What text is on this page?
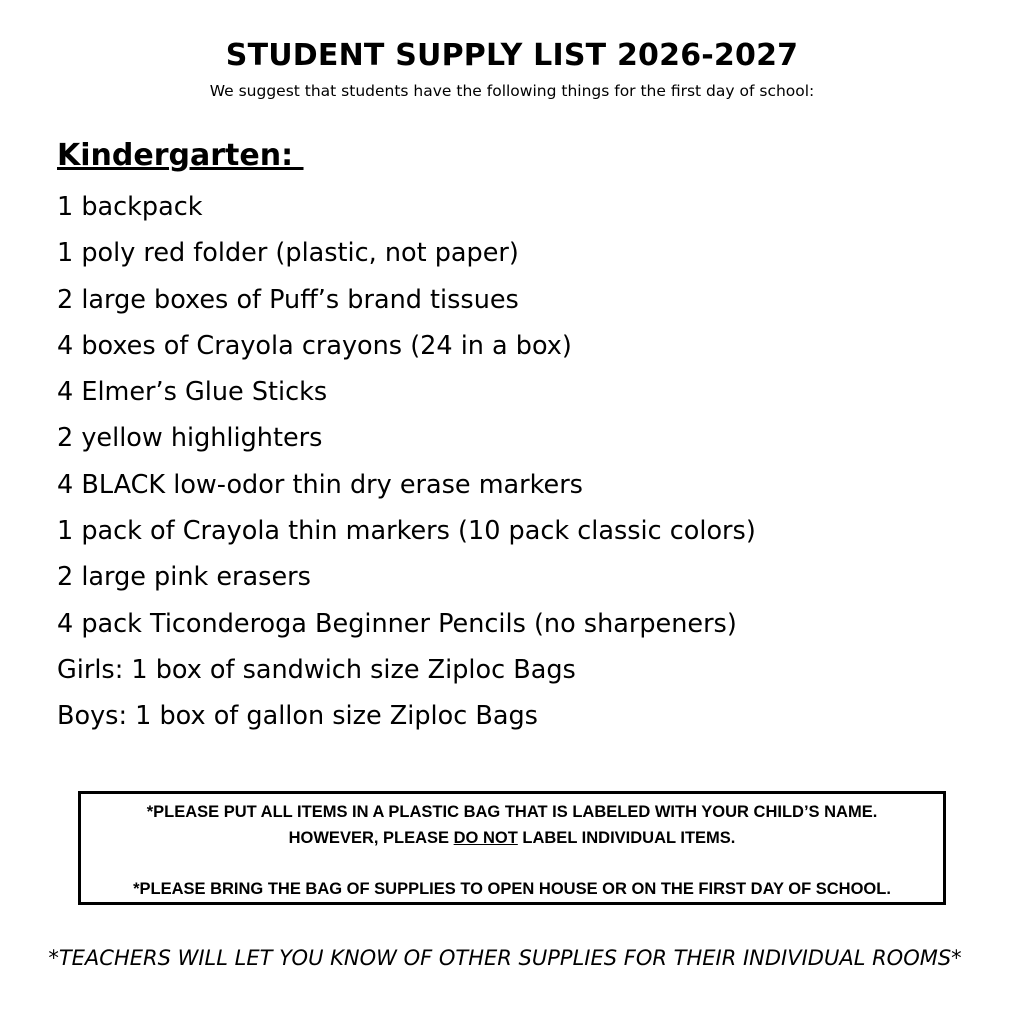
STUDENT SUPPLY LIST 2026-2027
We suggest that students have the following things for the first day of school:
Kindergarten:
1 backpack
1 poly red folder (plastic, not paper)
2 large boxes of Puff’s brand tissues
4 boxes of Crayola crayons (24 in a box)
4 Elmer’s Glue Sticks
2 yellow highlighters
4 BLACK low-odor thin dry erase markers
1 pack of Crayola thin markers (10 pack classic colors)
2 large pink erasers
4 pack Ticonderoga Beginner Pencils (no sharpeners)
Girls: 1 box of sandwich size Ziploc Bags
Boys: 1 box of gallon size Ziploc Bags
*PLEASE PUT ALL ITEMS IN A PLASTIC BAG THAT IS LABELED WITH YOUR CHILD’S NAME.
HOWEVER, PLEASE DO NOT LABEL INDIVIDUAL ITEMS.
*PLEASE BRING THE BAG OF SUPPLIES TO OPEN HOUSE OR ON THE FIRST DAY OF SCHOOL.
*TEACHERS WILL LET YOU KNOW OF OTHER SUPPLIES FOR THEIR INDIVIDUAL ROOMS*
